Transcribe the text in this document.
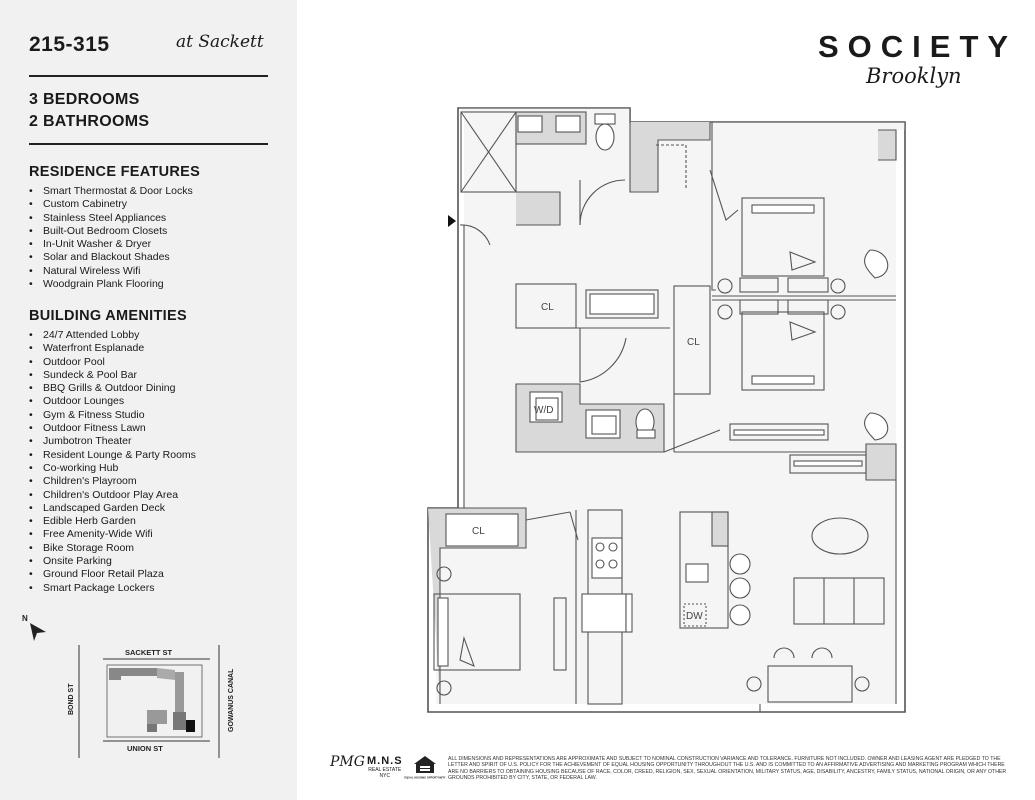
215-315	at Sackett
3 BEDROOMS
2 BATHROOMS
RESIDENCE FEATURES
• Smart Thermostat & Door Locks
• Custom Cabinetry
• Stainless Steel Appliances
• Built-Out Bedroom Closets
• In-Unit Washer & Dryer
• Solar and Blackout Shades
• Natural Wireless Wifi
• Woodgrain Plank Flooring
BUILDING AMENITIES
• 24/7 Attended Lobby
• Waterfront Esplanade
• Outdoor Pool
• Sundeck & Pool Bar
• BBQ Grills & Outdoor Dining
• Outdoor Lounges
• Gym & Fitness Studio
• Outdoor Fitness Lawn
• Jumbotron Theater
• Resident Lounge & Party Rooms
• Co-working Hub
• Children's Playroom
• Children's Outdoor Play Area
• Landscaped Garden Deck
• Edible Herb Garden
• Free Amenity-Wide Wifi
• Bike Storage Room
• Onsite Parking
• Ground Floor Retail Plaza
• Smart Package Lockers
N
SACKETT ST
UNION ST
BOND ST	GOWANUS CANAL
SOCIETY
Brooklyn
CL
CL
CL
W/D
DW
PMG M.N.S
REAL ESTATE
NYC	EQUAL HOUSING OPPORTUNITY
ALL DIMENSIONS AND REPRESENTATIONS ARE APPROXIMATE AND SUBJECT TO NOMINAL CONSTRUCTION VARIANCE AND TOLERANCE. FURNITURE NOT INCLUDED. OWNER AND LEASING AGENT ARE PLEDGED TO THE LETTER AND SPIRIT OF U.S. POLICY FOR THE ACHIEVEMENT OF EQUAL HOUSING OPPORTUNITY THROUGHOUT THE U.S. AND IS COMMITTED TO AN AFFIRMATIVE ADVERTISING AND MARKETING PROGRAM WHICH THERE ARE NO BARRIERS TO OBTAINING HOUSING BECAUSE OF RACE, COLOR, CREED, RELIGION, SEX, SEXUAL ORIENTATION, MILITARY STATUS, AGE, DISABILITY, ANCESTRY, FAMILY STATUS, NATIONAL ORIGIN, OR ANY OTHER GROUNDS PROHIBITED BY CITY, STATE, OR FEDERAL LAW.
